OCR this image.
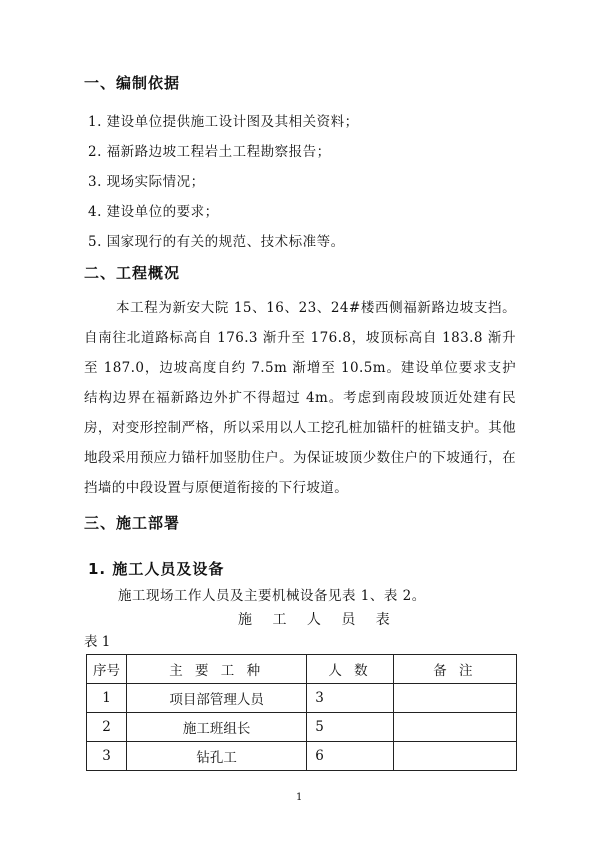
一、编制依据
1. 建设单位提供施工设计图及其相关资料；
2. 福新路边坡工程岩土工程勘察报告；
3. 现场实际情况；
4. 建设单位的要求；
5. 国家现行的有关的规范、技术标准等。
二、工程概况
本工程为新安大院 15、16、23、24#楼西侧福新路边坡支挡。自南往北道路标高自 176.3 渐升至 176.8，坡顶标高自 183.8 渐升至 187.0，边坡高度自约 7.5m 渐增至 10.5m。建设单位要求支护结构边界在福新路边外扩不得超过 4m。考虑到南段坡顶近处建有民房，对变形控制严格，所以采用以人工挖孔桩加锚杆的桩锚支护。其他地段采用预应力锚杆加竖肋住户。为保证坡顶少数住户的下坡通行，在挡墙的中段设置与原便道衔接的下行坡道。
三、施工部署
1. 施工人员及设备
施工现场工作人员及主要机械设备见表 1、表 2。
施 工 人 员 表
表 1
序号	主 要 工 种	人 数	备 注
1	项目部管理人员	3	
2	施工班组长	5	
3	钻孔工	6	
1
